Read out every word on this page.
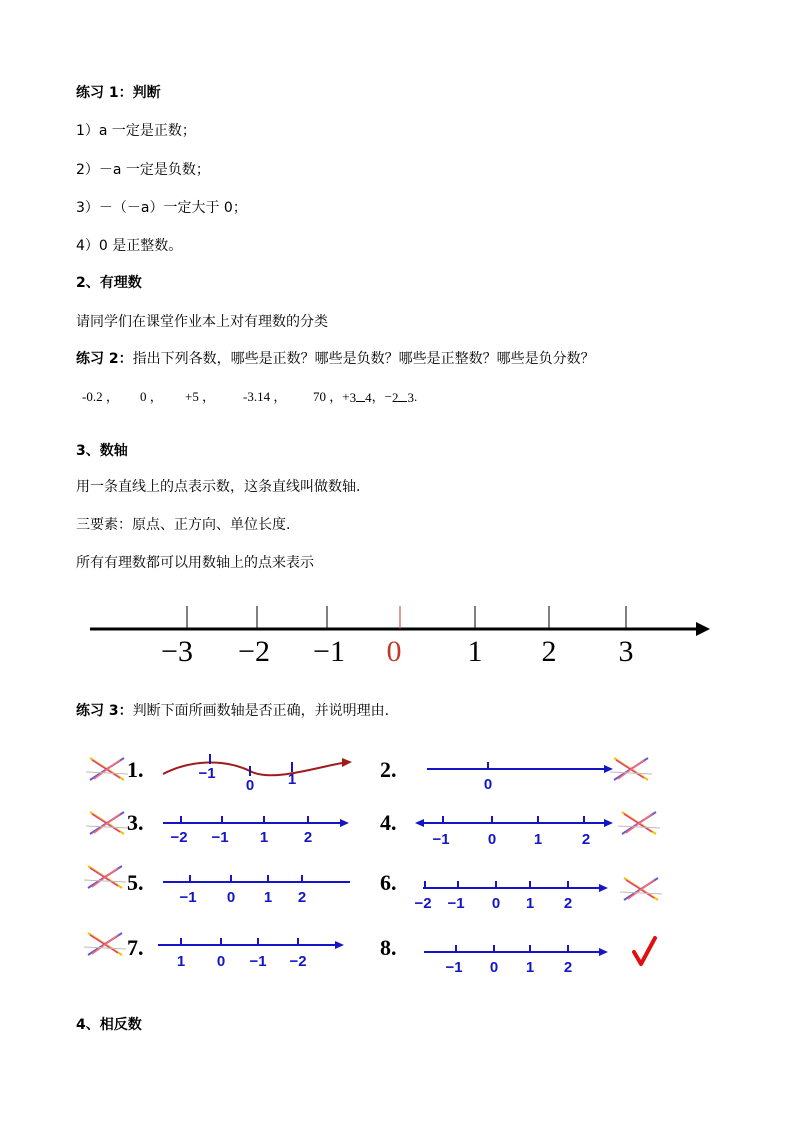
练习 1：判断
1）a 一定是正数；
2）－a 一定是负数；
3）－（－a）一定大于 0；
4）0 是正整数。
2、有理数
请同学们在课堂作业本上对有理数的分类
练习 2：指出下列各数，哪些是正数？哪些是负数？哪些是正整数？哪些是负分数？
-0.2 ， 0 ， +5 ， -3.14 ， 70 ，+3 4，−2 3.
3、数轴
用一条直线上的点表示数，这条直线叫做数轴.
三要素：原点、正方向、单位长度.
所有有理数都可以用数轴上的点来表示
−3 −2 −1 0 1 2 3
练习 3：判断下面所画数轴是否正确，并说明理由.
1.	2.
3.	4.
5.	6.
7.	8.
−1
0 1	0
−2 −1 1 2	−1	0	1	2
−1 0 1 2	−2 −1 0 1 2
1 0 −1 −2	−1 0 1 2
4、相反数
